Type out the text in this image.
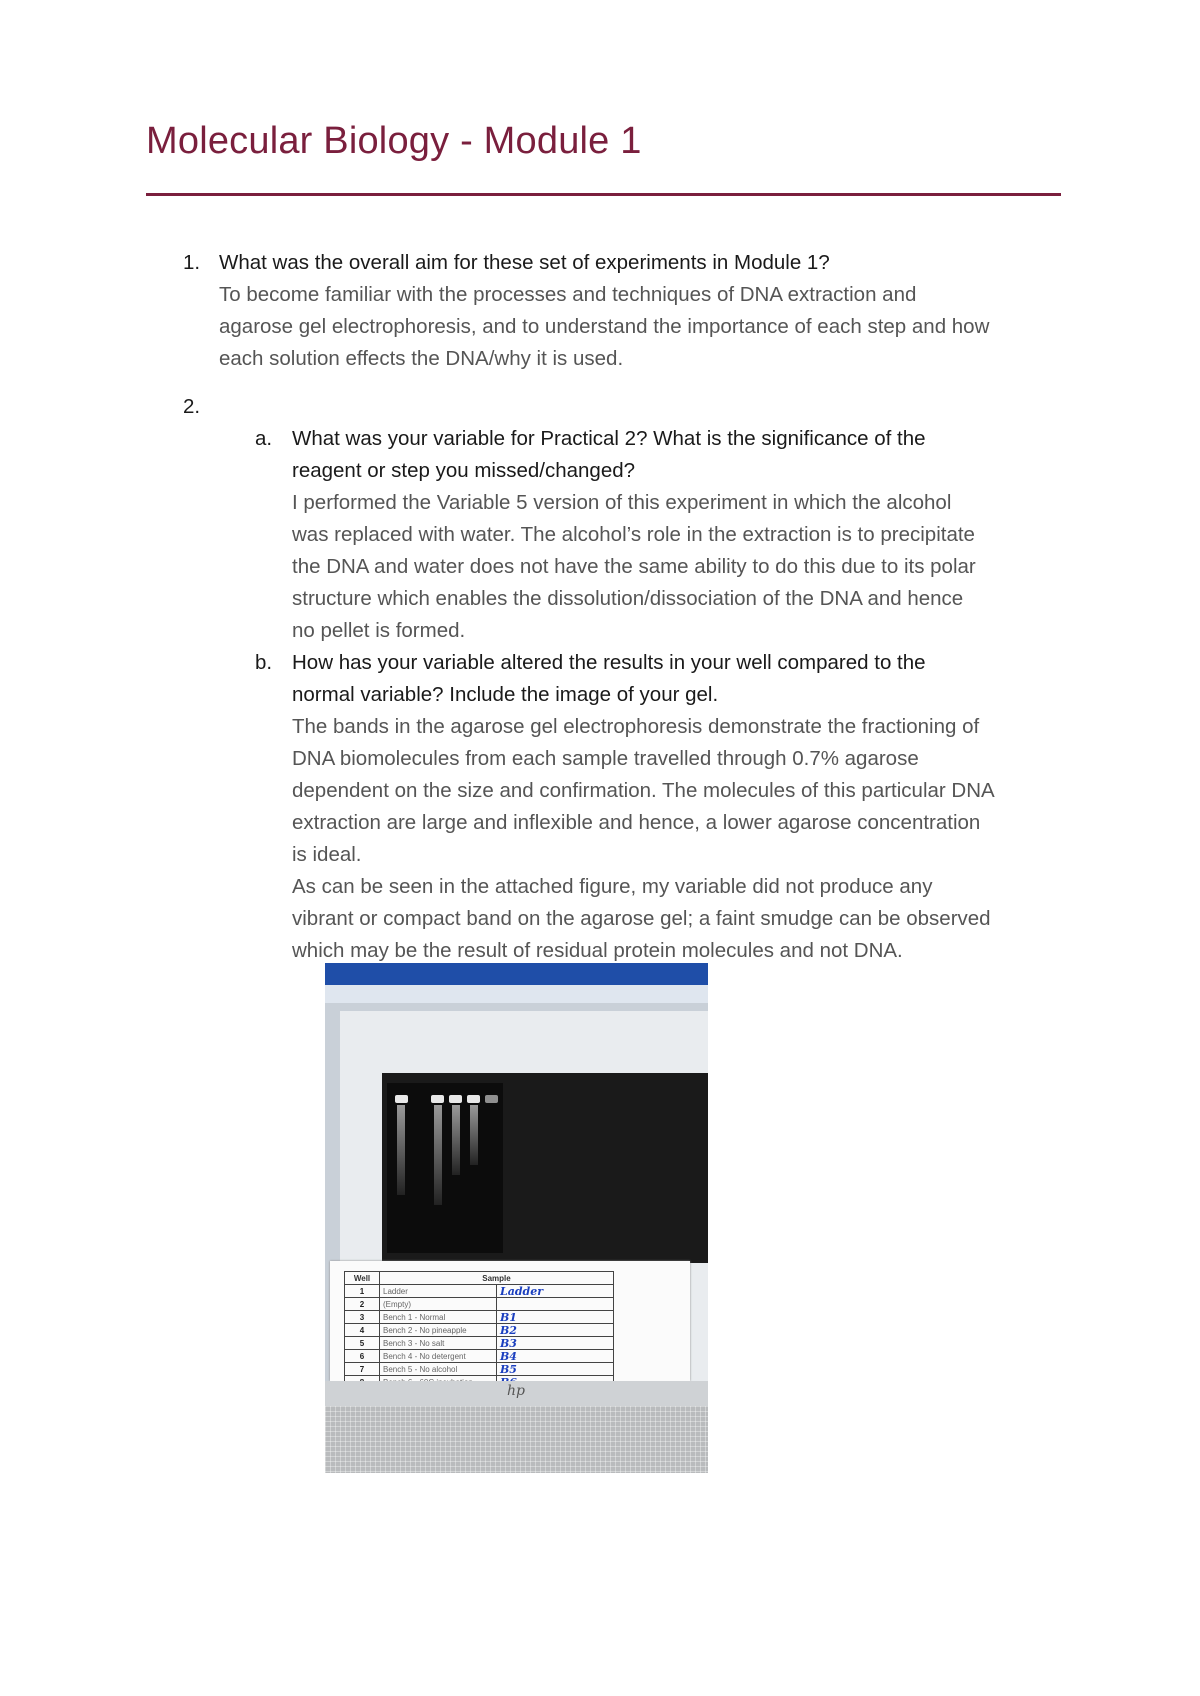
Molecular Biology - Module 1
1. What was the overall aim for these set of experiments in Module 1?

To become familiar with the processes and techniques of DNA extraction and
agarose gel electrophoresis, and to understand the importance of each step and how
each solution effects the DNA/why it is used.

2.
a. What was your variable for Practical 2? What is the significance of the
reagent or step you missed/changed?

I performed the Variable 5 version of this experiment in which the alcohol
was replaced with water. The alcohol’s role in the extraction is to precipitate
the DNA and water does not have the same ability to do this due to its polar
structure which enables the dissolution/dissociation of the DNA and hence
no pellet is formed.

b. How has your variable altered the results in your well compared to the
normal variable? Include the image of your gel.

The bands in the agarose gel electrophoresis demonstrate the fractioning of
DNA biomolecules from each sample travelled through 0.7% agarose
dependent on the size and confirmation. The molecules of this particular DNA
extraction are large and inflexible and hence, a lower agarose concentration
is ideal.
As can be seen in the attached figure, my variable did not produce any
vibrant or compact band on the agarose gel; a faint smudge can be observed
which may be the result of residual protein molecules and not DNA.

Well	Sample	
1	Ladder	Ladder
2	(Empty)	
3	Bench 1 - Normal	B1
4	Bench 2 - No pineapple	B2
5	Bench 3 - No salt	B3
6	Bench 4 - No detergent	B4
7	Bench 5 - No alcohol	B5

hp
